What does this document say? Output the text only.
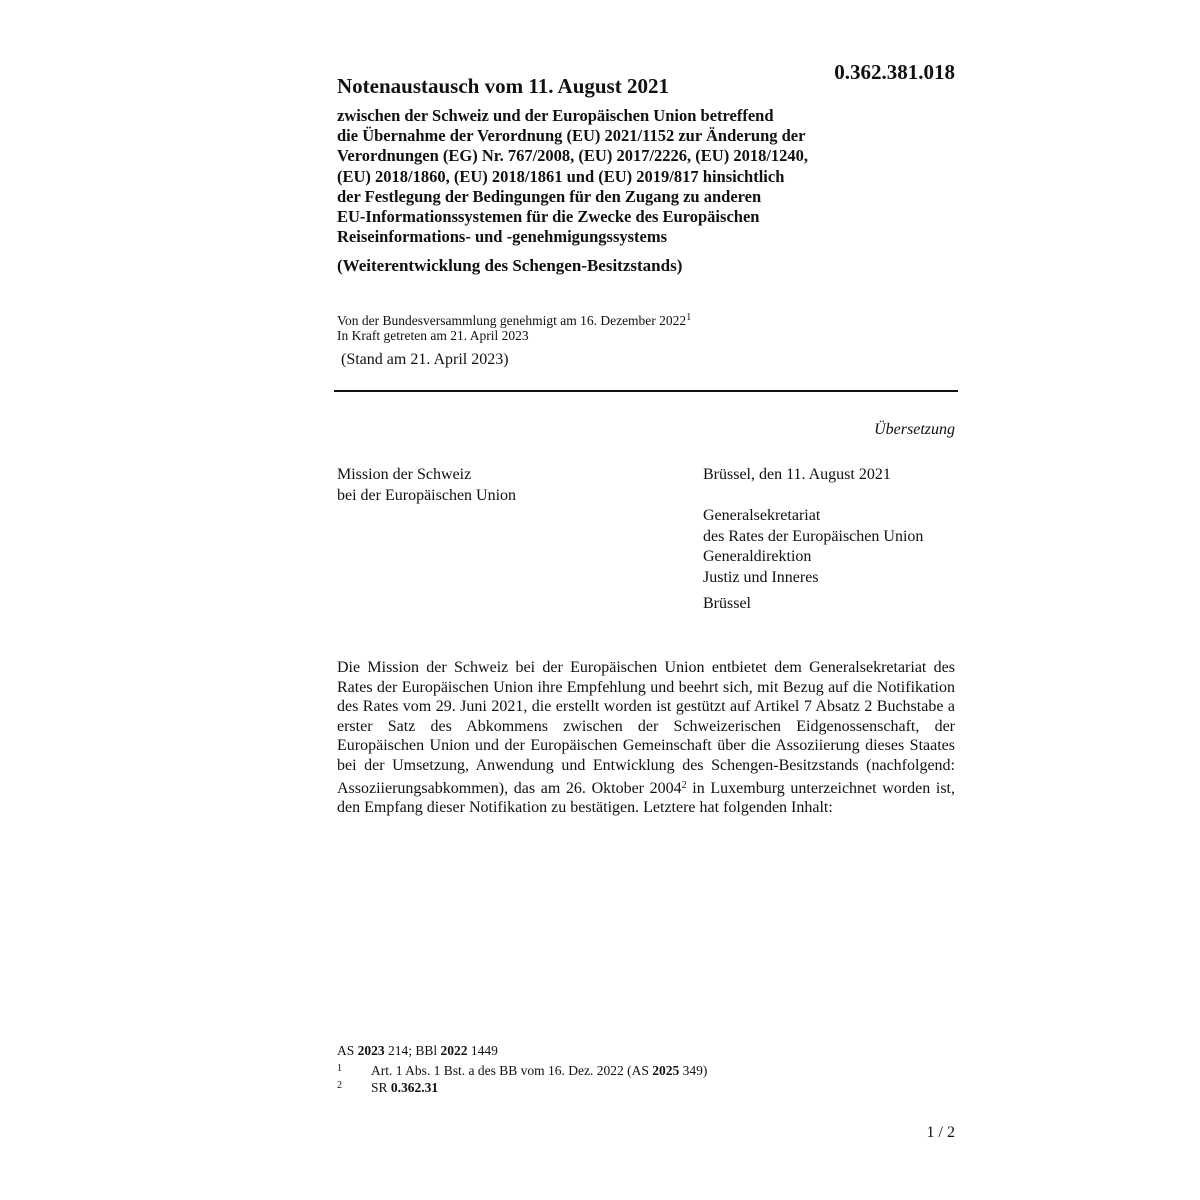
0.362.381.018
Notenaustausch vom 11. August 2021
zwischen der Schweiz und der Europäischen Union betreffend
die Übernahme der Verordnung (EU) 2021/1152 zur Änderung der
Verordnungen (EG) Nr. 767/2008, (EU) 2017/2226, (EU) 2018/1240,
(EU) 2018/1860, (EU) 2018/1861 und (EU) 2019/817 hinsichtlich
der Festlegung der Bedingungen für den Zugang zu anderen
EU-Informationssystemen für die Zwecke des Europäischen
Reiseinformations- und -genehmigungssystems
(Weiterentwicklung des Schengen-Besitzstands)
Von der Bundesversammlung genehmigt am 16. Dezember 2022$^1$
In Kraft getreten am 21. April 2023
(Stand am 21. April 2023)
Übersetzung
Mission der Schweiz
bei der Europäischen Union
Brüssel, den 11. August 2021
Generalsekretariat
des Rates der Europäischen Union
Generaldirektion
Justiz und Inneres
Brüssel
Die Mission der Schweiz bei der Europäischen Union entbietet dem Generalsekretariat des Rates der Europäischen Union ihre Empfehlung und beehrt sich, mit Bezug auf die Notifikation des Rates vom 29. Juni 2021, die erstellt worden ist gestützt auf Artikel 7 Absatz 2 Buchstabe a erster Satz des Abkommens zwischen der Schweizerischen Eidgenossenschaft, der Europäischen Union und der Europäischen Gemeinschaft über die Assoziierung dieses Staates bei der Umsetzung, Anwendung und Entwicklung des Schengen-Besitzstands (nachfolgend: Assoziierungsabkommen), das am 26. Oktober 2004$^2$ in Luxemburg unterzeichnet worden ist, den Empfang dieser Notifikation zu bestätigen. Letztere hat folgenden Inhalt:
AS 2023 214; BBl 2022 1449
1 Art. 1 Abs. 1 Bst. a des BB vom 16. Dez. 2022 (AS 2025 349)
2 SR 0.362.31
1 / 2
